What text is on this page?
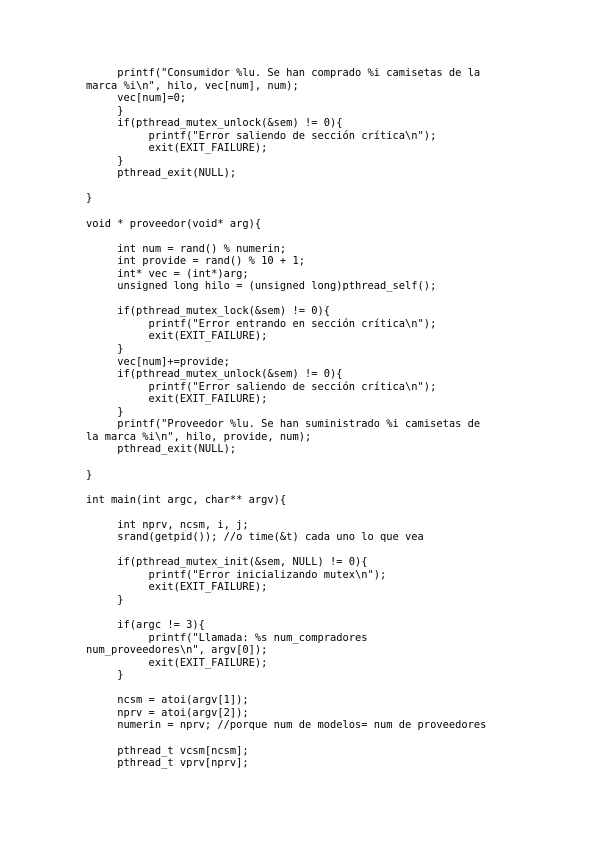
printf("Consumidor %lu. Se han comprado %i camisetas de la
marca %i\n", hilo, vec[num], num);
vec[num]=0;
}
if(pthread_mutex_unlock(&sem) != 0){
printf("Error saliendo de sección crítica\n");
exit(EXIT_FAILURE);
}
pthread_exit(NULL);
}
void * proveedor(void* arg){
int num = rand() % numerin;
int provide = rand() % 10 + 1;
int* vec = (int*)arg;
unsigned long hilo = (unsigned long)pthread_self();
if(pthread_mutex_lock(&sem) != 0){
printf("Error entrando en sección crítica\n");
exit(EXIT_FAILURE);
}
vec[num]+=provide;
if(pthread_mutex_unlock(&sem) != 0){
printf("Error saliendo de sección crítica\n");
exit(EXIT_FAILURE);
}
printf("Proveedor %lu. Se han suministrado %i camisetas de
la marca %i\n", hilo, provide, num);
pthread_exit(NULL);
}
int main(int argc, char** argv){
int nprv, ncsm, i, j;
srand(getpid()); //o time(&t) cada uno lo que vea
if(pthread_mutex_init(&sem, NULL) != 0){
printf("Error inicializando mutex\n");
exit(EXIT_FAILURE);
}
if(argc != 3){
printf("Llamada: %s num_compradores
num_proveedores\n", argv[0]);
exit(EXIT_FAILURE);
}
ncsm = atoi(argv[1]);
nprv = atoi(argv[2]);
numerin = nprv; //porque num de modelos= num de proveedores
pthread_t vcsm[ncsm];
pthread_t vprv[nprv];
